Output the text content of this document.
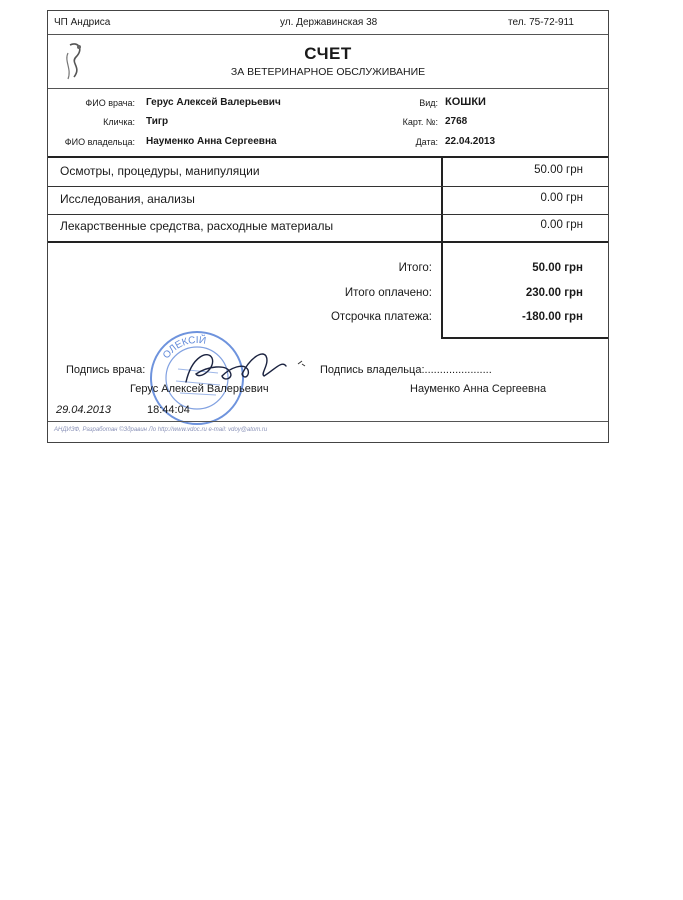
ЧП Андриса	ул. Державинская 38	тел. 75-72-911
СЧЕТ
ЗА ВЕТЕРИНАРНОЕ ОБСЛУЖИВАНИЕ
ФИО врача: Герус Алексей Валерьевич
Кличка: Тигр
ФИО владельца: Науменко Анна Сергеевна
Вид: КОШКИ
Карт. №: 2768
Дата: 22.04.2013
Осмотры, процедуры, манипуляции	50.00 грн
Исследования, анализы	0.00 грн
Лекарственные средства, расходные материалы	0.00 грн
Итого:	50.00 грн
Итого оплачено:	230.00 грн
Отсрочка платежа:	-180.00 грн
ОЛЕКСІЙ
Подпись врача:
Герус Алексей Валерьевич
Подпись владельца:......................
Науменко Анна Сергеевна
29.04.2013	18:44:04
АНДИЗФ, Разработан ©Здравин Ло http://www.vdoc.ru e-mail: vdoy@atom.ru
